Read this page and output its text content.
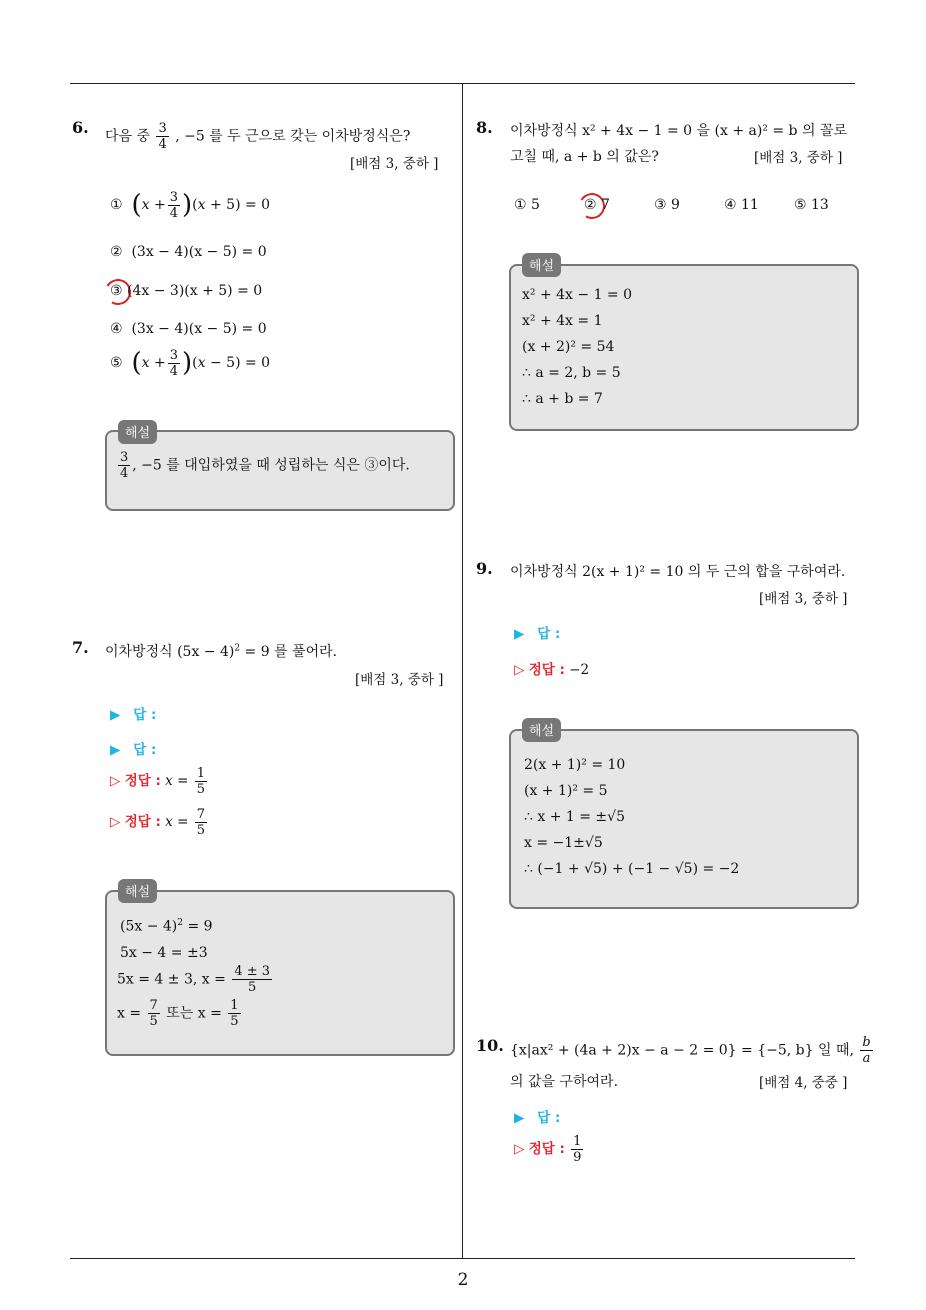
6. 다음 중 $\frac{3}{4}$ , −5 를 두 근으로 갖는 이차방정식은?
[배점 3, 중하 ]
① $(x + \frac{3}{4} )(x + 5) = 0$
② (3x − 4)(x − 5) = 0
③ (4x − 3)(x + 5) = 0
④ (3x − 4)(x − 5) = 0
⑤ $(x + \frac{3}{4} )(x - 5) = 0$
해설
$\frac{3}{4}$ , −5 를 대입하였을 때 성립하는 식은 ③이다.
7. 이차방정식 $(5x - 4)^2 = 9$ 를 풀어라.
[배점 3, 중하 ]
▶ 답 :
▶ 답 :
▷ 정답 : $x = \frac{1}{5}$
▷ 정답 : $x = \frac{7}{5}$
해설
$(5x - 4)^2 = 9$
5x − 4 = ±3
5x = 4 ± 3, $x = \frac{4 \pm 3}{5}$
$x = \frac{7}{5}$ 또는 $x = \frac{1}{5}$
8. 이차방정식 x² + 4x − 1 = 0 을 (x + a)² = b 의 꼴로
고칠 때, a + b 의 값은?	[배점 3, 중하 ]
① 5	② 7	③ 9	④ 11	⑤ 13
해설
x² + 4x − 1 = 0
x² + 4x = 1
(x + 2)² = 54
∴ a = 2, b = 5
∴ a + b = 7
9. 이차방정식 2(x + 1)² = 10 의 두 근의 합을 구하여라.
[배점 3, 중하 ]
▶ 답 :
▷ 정답 : −2
해설
2(x + 1)² = 10
(x + 1)² = 5
∴ x + 1 = ±√5
x = −1±√5
∴ (−1 + √5) + (−1 − √5) = −2
10. {x|ax² + (4a + 2)x − a − 2 = 0} = {−5, b} 일 때, $\frac{b}{a}$
의 값을 구하여라.	[배점 4, 중중 ]
▶ 답 :
▷ 정답 : $\frac{1}{9}$
2
